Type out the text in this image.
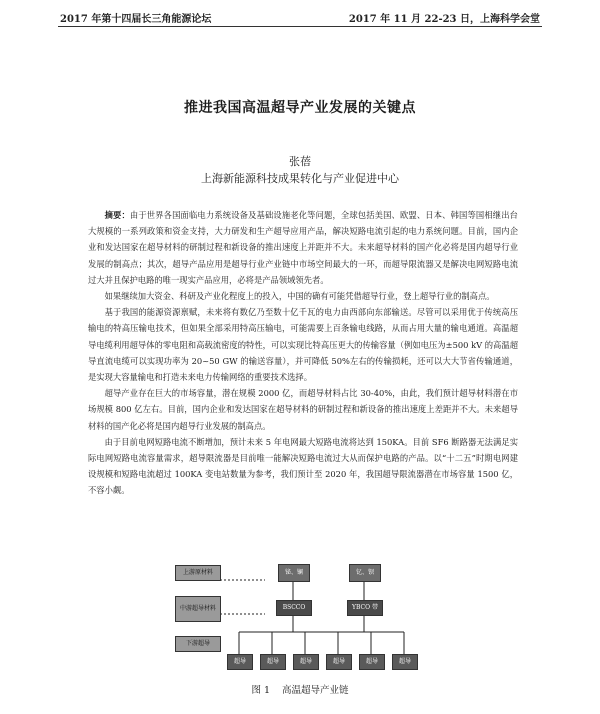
2017 年第十四届长三角能源论坛	2017 年 11 月 22-23 日，上海科学会堂
推进我国高温超导产业发展的关键点
张蓓
上海新能源科技成果转化与产业促进中心

摘要：由于世界各国面临电力系统设备及基础设施老化等问题，全球包括美国、欧盟、日本、韩国等国相继出台大规模的一系列政策和资金支持，大力研发和生产超导应用产品，解决短路电流引起的电力系统问题。目前，国内企业和发达国家在超导材料的研制过程和新设备的推出速度上并距并不大。未来超导材料的国产化必将是国内超导行业发展的制高点；其次，超导产品应用是超导行业产业链中市场空间最大的一环，而超导限流器又是解决电网短路电流过大并且保护电路的唯一现实产品应用，必将是产品领域领先者。

如果继续加大资金、科研及产业化程度上的投入，中国的确有可能凭借超导行业，登上超导行业的制高点。

基于我国的能源资源禀赋，未来将有数亿乃至数十亿千瓦的电力由西部向东部输送。尽管可以采用优于传统高压输电的特高压输电技术，但如果全部采用特高压输电，可能需要上百条输电线路，从而占用大量的输电通道。高温超导电缆利用超导体的零电阻和高载流密度的特性，可以实现比特高压更大的传输容量（例如电压为±500 kV 的高温超导直流电缆可以实现功率为 20~50 GW 的输送容量），并可降低 50%左右的传输损耗，还可以大大节省传输通道，是实现大容量输电和打造未来电力传输网络的重要技术选择。

超导产业存在巨大的市场容量，潜在规模 2000 亿，而超导材料占比 30-40%，由此，我们预计超导材料潜在市场规模 800 亿左右。目前，国内企业和发达国家在超导材料的研制过程和新设备的推出速度上差距并不大。未来超导材料的国产化必将是国内超导行业发展的制高点。

由于目前电网短路电流不断增加，预计未来 5 年电网最大短路电流将达到 150KA。目前 SF6 断路器无法满足实际电网短路电流容量需求，超导限流器是目前唯一能解决短路电流过大从而保护电路的产品。以“十二五”时期电网建设规模和短路电流超过 100KA 变电站数量为参考，我们预计至 2020 年，我国超导限流器潜在市场容量 1500 亿，不容小觑。

上游原材料
中游超导材料
下游超导
铋、镧	钇、钡
BSCCO	YBCO 带
超导	超导	超导	超导	超导	超导
图 1 高温超导产业链
